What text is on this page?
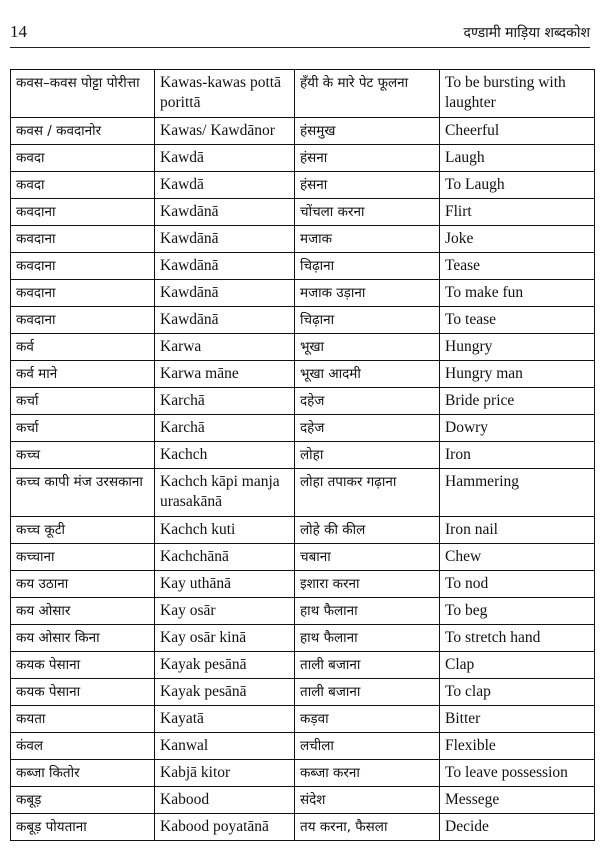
14	दण्डामी माड़िया शब्दकोश
कवस–कवस पोट्टा पोरीत्ता	Kawas-kawas pottā porittā	हँयी के मारे पेट फूलना	To be bursting with laughter
कवस / कवदानोर	Kawas/ Kawdānor	हंसमुख	Cheerful
कवदा	Kawdā	हंसना	Laugh
कवदा	Kawdā	हंसना	To Laugh
कवदाना	Kawdānā	चोंचला करना	Flirt
कवदाना	Kawdānā	मजाक	Joke
कवदाना	Kawdānā	चिढ़ाना	Tease
कवदाना	Kawdānā	मजाक उड़ाना	To make fun
कवदाना	Kawdānā	चिढ़ाना	To tease
कर्व	Karwa	भूखा	Hungry
कर्व माने	Karwa māne	भूखा आदमी	Hungry man
कर्चा	Karchā	दहेज	Bride price
कर्चा	Karchā	दहेज	Dowry
कच्च	Kachch	लोहा	Iron
कच्च कापी मंज उरसकाना	Kachch kāpi manja urasakānā	लोहा तपाकर गढ़ाना	Hammering
कच्च कूटी	Kachch kuti	लोहे की कील	Iron nail
कच्चाना	Kachchānā	चबाना	Chew
कय उठाना	Kay uthānā	इशारा करना	To nod
कय ओसार	Kay osār	हाथ फैलाना	To beg
कय ओसार किना	Kay osār kinā	हाथ फैलाना	To stretch hand
कयक पेसाना	Kayak pesānā	ताली बजाना	Clap
कयक पेसाना	Kayak pesānā	ताली बजाना	To clap
कयता	Kayatā	कड़वा	Bitter
कंवल	Kanwal	लचीला	Flexible
कब्जा कितोर	Kabjā kitor	कब्जा करना	To leave possession
कबूड़	Kabood	संदेश	Messege
कबूड़ पोयताना	Kabood poyatānā	तय करना, फैसला	Decide
